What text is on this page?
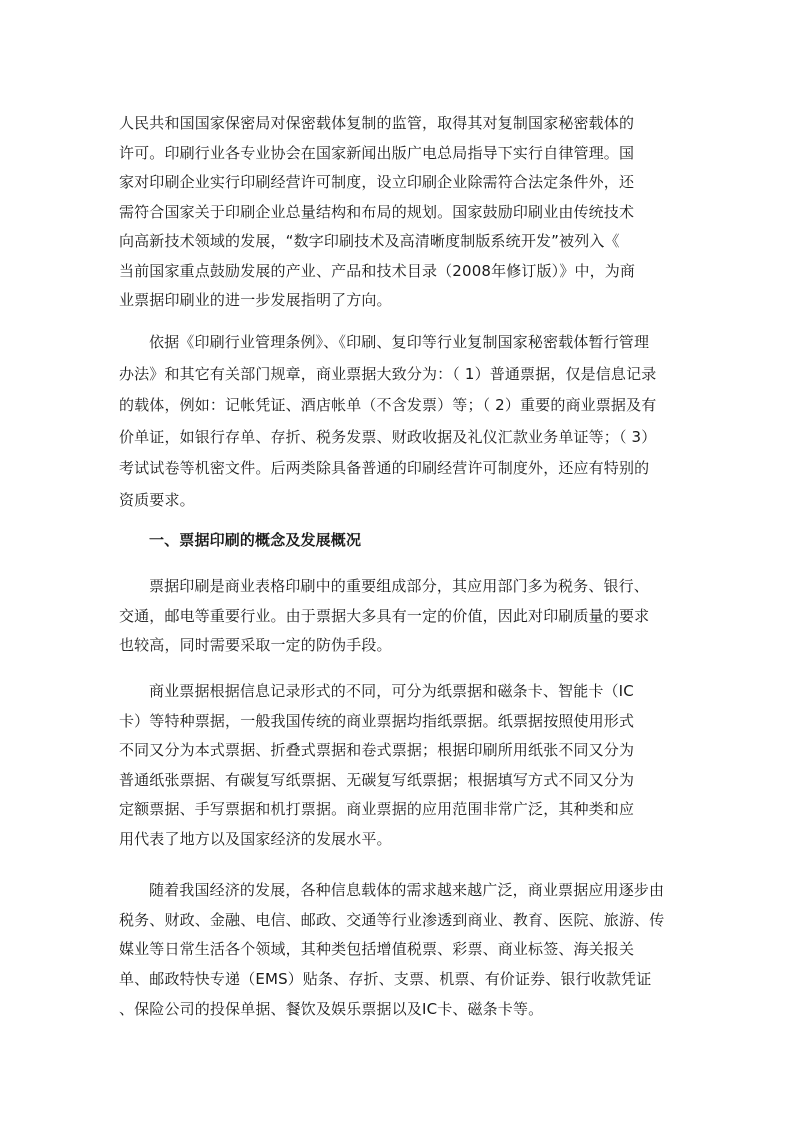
人民共和国国家保密局对保密载体复制的监管，取得其对复制国家秘密载体的
许可。印刷行业各专业协会在国家新闻出版广电总局指导下实行自律管理。国
家对印刷企业实行印刷经营许可制度，设立印刷企业除需符合法定条件外，还
需符合国家关于印刷企业总量结构和布局的规划。国家鼓励印刷业由传统技术
向高新技术领域的发展，“数字印刷技术及高清晰度制版系统开发”被列入《
当前国家重点鼓励发展的产业、产品和技术目录（2008年修订版）》中，为商
业票据印刷业的进一步发展指明了方向。
依据《印刷行业管理条例》、《印刷、复印等行业复制国家秘密载体暂行管理
办法》和其它有关部门规章，商业票据大致分为：（ 1）普通票据，仅是信息记录
的载体，例如：记帐凭证、酒店帐单（不含发票）等；（ 2）重要的商业票据及有
价单证，如银行存单、存折、税务发票、财政收据及礼仪汇款业务单证等；（ 3）
考试试卷等机密文件。后两类除具备普通的印刷经营许可制度外，还应有特别的
资质要求。
一、票据印刷的概念及发展概况
票据印刷是商业表格印刷中的重要组成部分，其应用部门多为税务、银行、
交通，邮电等重要行业。由于票据大多具有一定的价值，因此对印刷质量的要求
也较高，同时需要采取一定的防伪手段。
商业票据根据信息记录形式的不同，可分为纸票据和磁条卡、智能卡（IC
卡）等特种票据，一般我国传统的商业票据均指纸票据。纸票据按照使用形式
不同又分为本式票据、折叠式票据和卷式票据；根据印刷所用纸张不同又分为
普通纸张票据、有碳复写纸票据、无碳复写纸票据；根据填写方式不同又分为
定额票据、手写票据和机打票据。商业票据的应用范围非常广泛，其种类和应
用代表了地方以及国家经济的发展水平。
随着我国经济的发展，各种信息载体的需求越来越广泛，商业票据应用逐步由
税务、财政、金融、电信、邮政、交通等行业渗透到商业、教育、医院、旅游、传
媒业等日常生活各个领域，其种类包括增值税票、彩票、商业标签、海关报关
单、邮政特快专递（EMS）贴条、存折、支票、机票、有价证券、银行收款凭证
、保险公司的投保单据、餐饮及娱乐票据以及IC卡、磁条卡等。
